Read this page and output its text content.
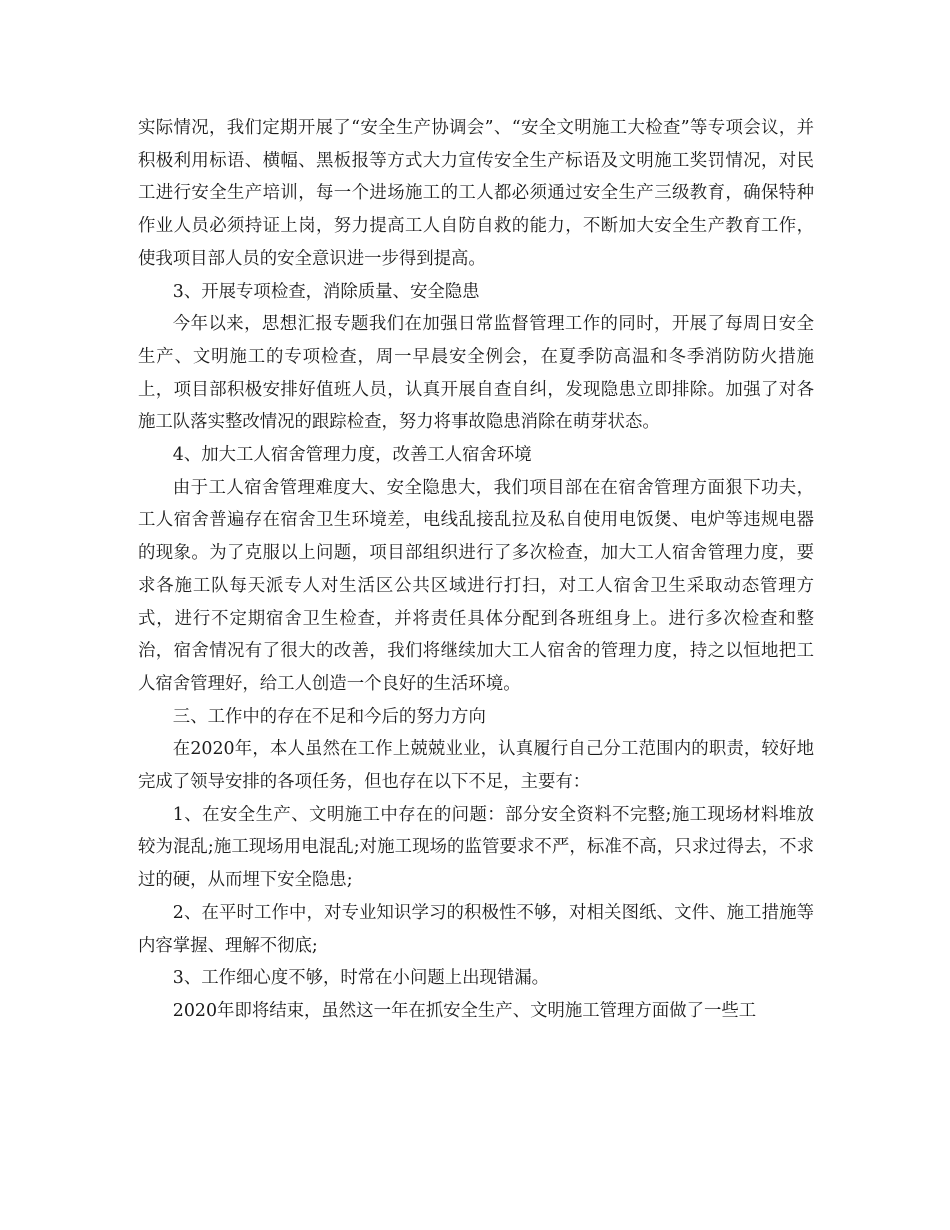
实际情况，我们定期开展了“安全生产协调会”、“安全文明施工大检查”等专项会议，并积极利用标语、横幅、黑板报等方式大力宣传安全生产标语及文明施工奖罚情况，对民工进行安全生产培训，每一个进场施工的工人都必须通过安全生产三级教育，确保特种作业人员必须持证上岗，努力提高工人自防自救的能力，不断加大安全生产教育工作，使我项目部人员的安全意识进一步得到提高。

3、开展专项检查，消除质量、安全隐患

今年以来，思想汇报专题我们在加强日常监督管理工作的同时，开展了每周日安全生产、文明施工的专项检查，周一早晨安全例会，在夏季防高温和冬季消防防火措施上，项目部积极安排好值班人员，认真开展自查自纠，发现隐患立即排除。加强了对各施工队落实整改情况的跟踪检查，努力将事故隐患消除在萌芽状态。

4、加大工人宿舍管理力度，改善工人宿舍环境

由于工人宿舍管理难度大、安全隐患大，我们项目部在在宿舍管理方面狠下功夫，工人宿舍普遍存在宿舍卫生环境差，电线乱接乱拉及私自使用电饭煲、电炉等违规电器的现象。为了克服以上问题，项目部组织进行了多次检查，加大工人宿舍管理力度，要求各施工队每天派专人对生活区公共区域进行打扫，对工人宿舍卫生采取动态管理方式，进行不定期宿舍卫生检查，并将责任具体分配到各班组身上。进行多次检查和整治，宿舍情况有了很大的改善，我们将继续加大工人宿舍的管理力度，持之以恒地把工人宿舍管理好，给工人创造一个良好的生活环境。

三、工作中的存在不足和今后的努力方向

在2020年，本人虽然在工作上兢兢业业，认真履行自己分工范围内的职责，较好地完成了领导安排的各项任务，但也存在以下不足，主要有：

1、在安全生产、文明施工中存在的问题：部分安全资料不完整;施工现场材料堆放较为混乱;施工现场用电混乱;对施工现场的监管要求不严，标准不高，只求过得去，不求过的硬，从而埋下安全隐患;

2、在平时工作中，对专业知识学习的积极性不够，对相关图纸、文件、施工措施等内容掌握、理解不彻底;

3、工作细心度不够，时常在小问题上出现错漏。

2020年即将结束，虽然这一年在抓安全生产、文明施工管理方面做了一些工
